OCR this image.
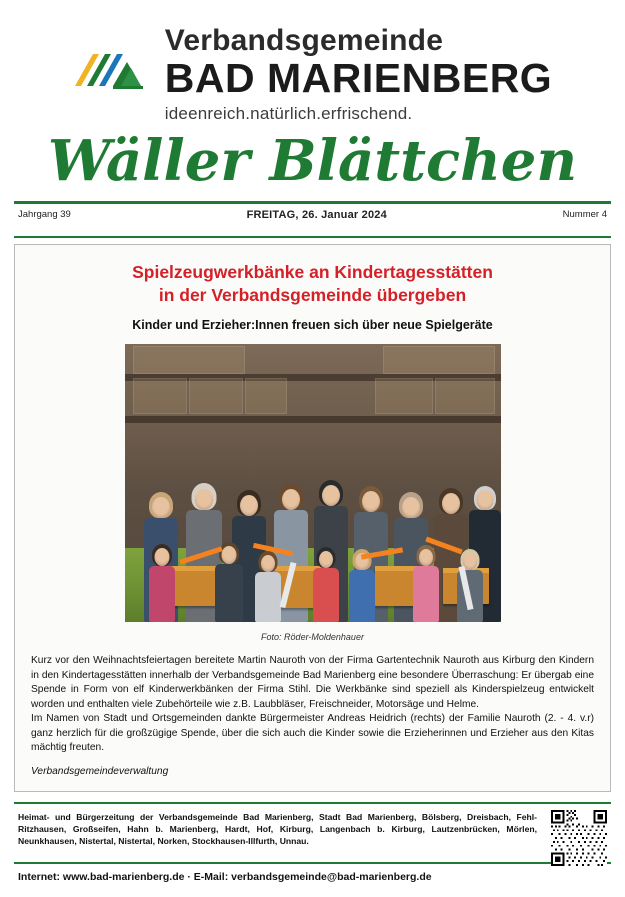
Verbandsgemeinde
BAD MARIENBERG
ideenreich.natürlich.erfrischend.
Wäller Blättchen
Jahrgang 39	FREITAG, 26. Januar 2024	Nummer 4
Spielzeugwerkbänke an Kindertagesstätten
in der Verbandsgemeinde übergeben
Kinder und Erzieher:Innen freuen sich über neue Spielgeräte
Foto: Röder-Moldenhauer

Kurz vor den Weihnachtsfeiertagen bereitete Martin Nauroth von der Firma Gartentechnik Nauroth aus Kirburg den Kindern in den Kindertagesstätten innerhalb der Verbandsgemeinde Bad Marienberg eine besondere Überraschung: Er übergab eine Spende in Form von elf Kinderwerkbänken der Firma Stihl. Die Werkbänke sind speziell als Kinderspielzeug entwickelt worden und enthalten viele Zubehörteile wie z.B. Laubbläser, Freischneider, Motorsäge und Helme.

Im Namen von Stadt und Ortsgemeinden dankte Bürgermeister Andreas Heidrich (rechts) der Familie Nauroth (2. - 4. v.r) ganz herzlich für die großzügige Spende, über die sich auch die Kinder sowie die Erzieherinnen und Erzieher aus den Kitas mächtig freuten.

Verbandsgemeindeverwaltung
Heimat- und Bürgerzeitung der Verbandsgemeinde Bad Marienberg, Stadt Bad Marienberg, Bölsberg, Dreisbach, Fehl-Ritzhausen, Großseifen, Hahn b. Marienberg, Hardt, Hof, Kirburg, Langenbach b. Kirburg, Lautzenbrücken, Mörlen, Neunkhausen, Nistertal, Nistertal, Norken, Stockhausen-Illfurth, Unnau.
Internet: www.bad-marienberg.de · E-Mail: verbandsgemeinde@bad-marienberg.de
